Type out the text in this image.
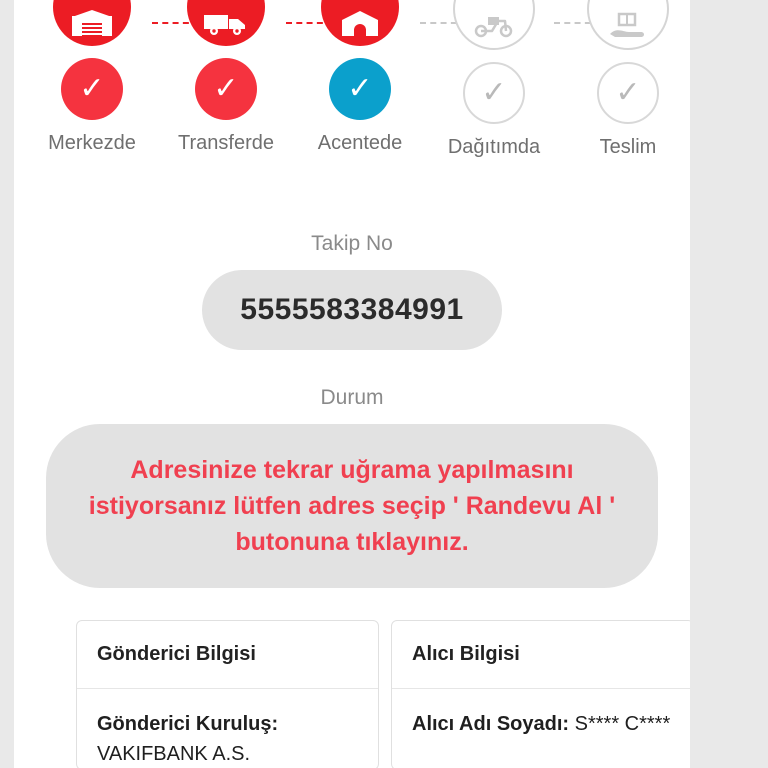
✓
Merkezde
✓
Transferde
✓
Acentede
✓
Dağıtımda
✓
Teslim
Takip No
5555583384991
Durum
Adresinize tekrar uğrama yapılmasını istiyorsanız lütfen adres seçip ' Randevu Al ' butonuna tıklayınız.
Gönderici Bilgisi
Gönderici Kuruluş:
VAKIFBANK A.S.
Alıcı Bilgisi
Alıcı Adı Soyadı: S**** C****
